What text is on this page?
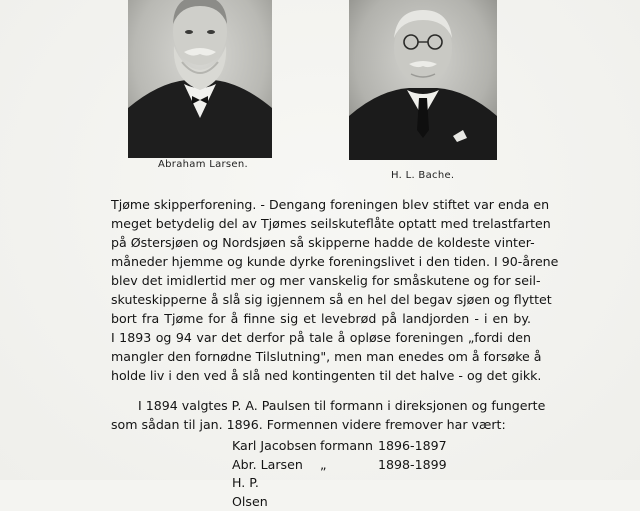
Abraham Larsen.
H. L. Bache.
Tjøme skipperforening. - Dengang foreningen blev stiftet var enda en
meget betydelig del av Tjømes seilskuteflåte optatt med trelastfarten
på Østersjøen og Nordsjøen så skipperne hadde de koldeste vinter-
måneder hjemme og kunde dyrke foreningslivet i den tiden. I 90-årene
blev det imidlertid mer og mer vanskelig for småskutene og for seil-
skuteskipperne å slå sig igjennem så en hel del begav sjøen og flyttet
bort fra Tjøme for å finne sig et levebrød på landjorden - i en by.
I 1893 og 94 var det derfor på tale å opløse foreningen „fordi den
mangler den fornødne Tilslutning", men man enedes om å forsøke å
holde liv i den ved å slå ned kontingenten til det halve - og det gikk.
I 1894 valgtes P. A. Paulsen til formann i direksjonen og fungerte
som sådan til jan. 1896. Formennen videre fremover har vært:
Karl Jacobsen formann 1896-1897
Abr. Larsen „	1898-1899
H. P. Olsen
